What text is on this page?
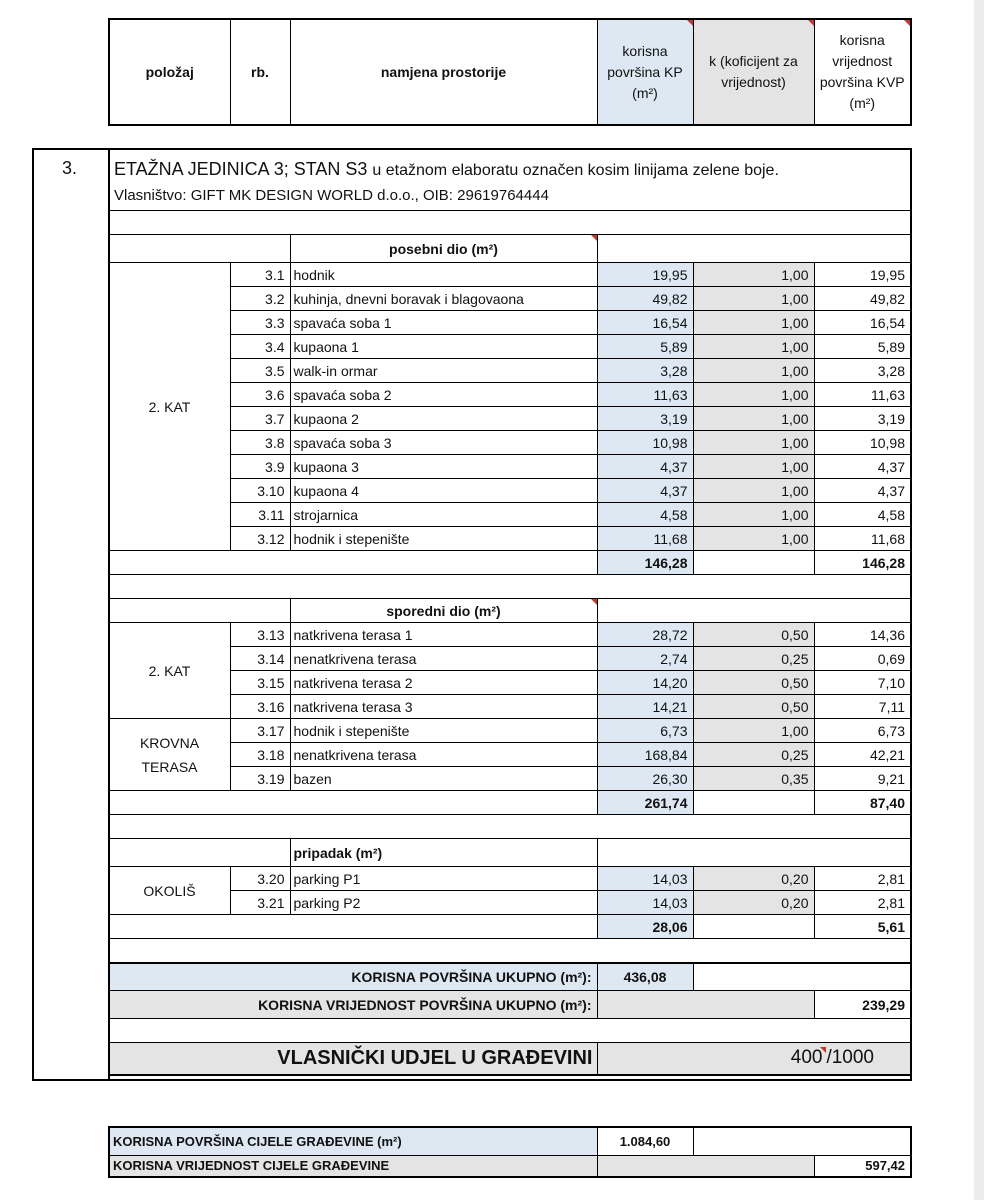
položaj	rb.	namjena prostorije	korisna površina KP
(m²)	k (koficijent za vrijednost)	korisna vrijednost površina KVP (m²)
3. ETAŽNA JEDINICA 3; STAN S3 u etažnom elaboratu označen kosim linijama zelene boje.
Vlasništvo: GIFT MK DESIGN WORLD d.o.o., OIB: 29619764444

		posebni dio (m²)			
2. KAT	3.1	hodnik	19,95	1,00	19,95
	3.2	kuhinja, dnevni boravak i blagovaona	49,82	1,00	49,82
	3.3	spavaća soba 1	16,54	1,00	16,54
	3.4	kupaona 1	5,89	1,00	5,89
	3.5	walk-in ormar	3,28	1,00	3,28
	3.6	spavaća soba 2	11,63	1,00	11,63
	3.7	kupaona 2	3,19	1,00	3,19
	3.8	spavaća soba 3	10,98	1,00	10,98
	3.9	kupaona 3	4,37	1,00	4,37
	3.10	kupaona 4	4,37	1,00	4,37
	3.11	strojarnica	4,58	1,00	4,58
	3.12	hodnik i stepenište	11,68	1,00	11,68
			146,28		146,28

		sporedni dio (m²)			
2. KAT	3.13	natkrivena terasa 1	28,72	0,50	14,36
	3.14	nenatkrivena terasa	2,74	0,25	0,69
	3.15	natkrivena terasa 2	14,20	0,50	7,10
	3.16	natkrivena terasa 3	14,21	0,50	7,11
KROVNA
TERASA	3.17	hodnik i stepenište	6,73	1,00	6,73
	3.18	nenatkrivena terasa	168,84	0,25	42,21
	3.19	bazen	26,30	0,35	9,21
			261,74		87,40

		pripadak (m²)			
OKOLIŠ	3.20	parking P1	14,03	0,20	2,81
	3.21	parking P2	14,03	0,20	2,81
			28,06		5,61

KORISNA POVRŠINA UKUPNO (m²):			436,08		
KORISNA VRIJEDNOST POVRŠINA UKUPNO (m²):					239,29

VLASNIČKI UDJEL U GRAĐEVINI			400 /1000		
KORISNA POVRŠINA CIJELE GRAĐEVINE (m²)	1.084,60		
KORISNA VRIJEDNOST CIJELE GRAĐEVINE			597,42
